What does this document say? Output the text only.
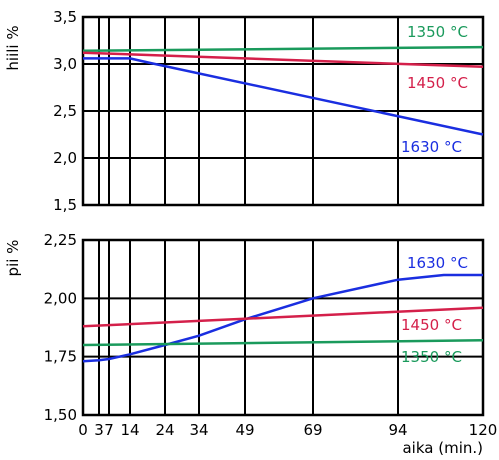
1,5
2,0
2,5
3,0
3,5
hiili %	1350 °C
1450 °C
1630 °C
1,50
1,75
2,00
2,25
pii %	1630 °C
1450 °C
1350 °C
0 3 7 14 24 34 49	69	94	120
aika (min.)
